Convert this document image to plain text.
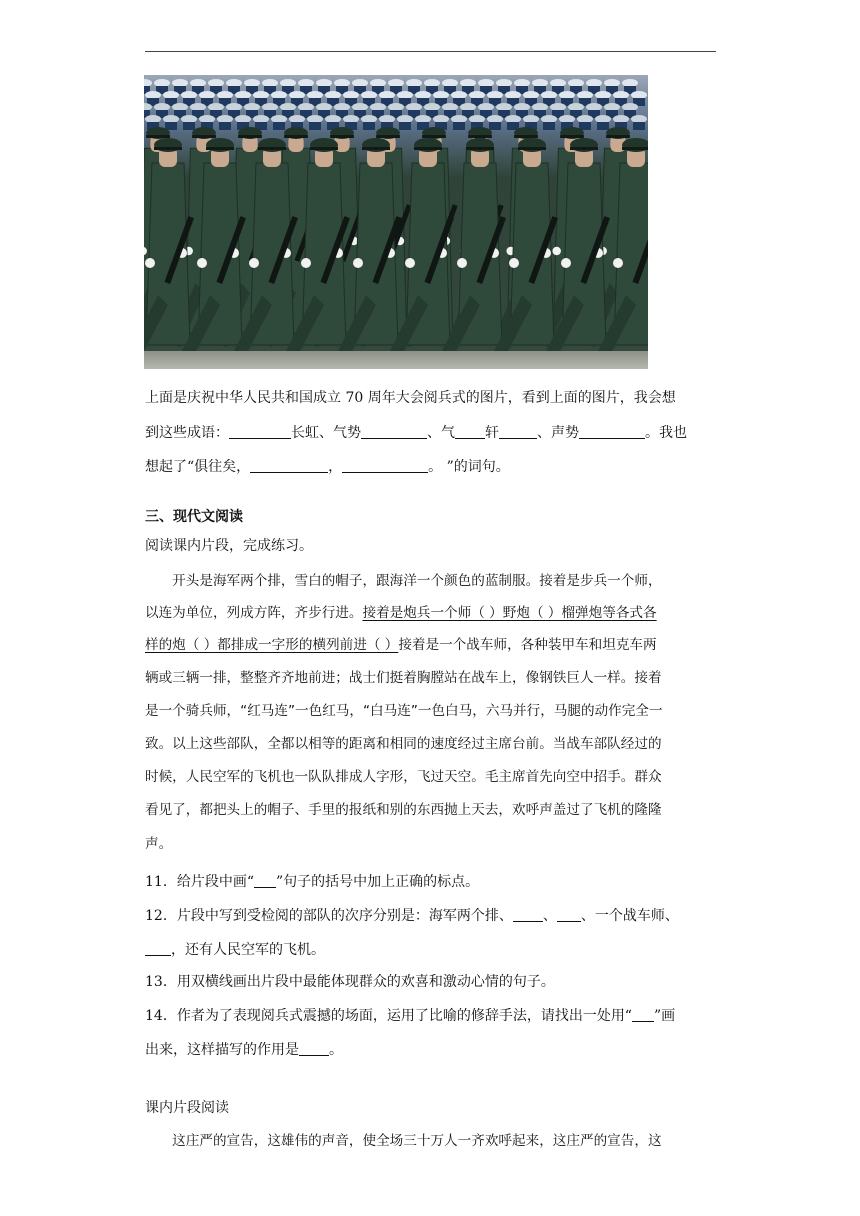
上面是庆祝中华人民共和国成立 70 周年大会阅兵式的图片，看到上面的图片，我会想
到这些成语：	长虹、气势	、气 轩	、声势	。我也
想起了“俱往矣，	，	。 ”的词句。
三、现代文阅读
阅读课内片段，完成练习。
　　开头是海军两个排，雪白的帽子，跟海洋一个颜色的蓝制服。接着是步兵一个师，
以连为单位，列成方阵，齐步行进。接着是炮兵一个师（ ）野炮（ ）榴弹炮等各式各
样的炮（ ）都排成一字形的横列前进（ ）接着是一个战车师，各种装甲车和坦克车两
辆或三辆一排，整整齐齐地前进；战士们挺着胸膛站在战车上，像钢铁巨人一样。接着
是一个骑兵师，“红马连”一色红马，“白马连”一色白马，六马并行，马腿的动作完全一
致。以上这些部队，全都以相等的距离和相同的速度经过主席台前。当战车部队经过的
时候，人民空军的飞机也一队队排成人字形，飞过天空。毛主席首先向空中招手。群众
看见了，都把头上的帽子、手里的报纸和别的东西抛上天去，欢呼声盖过了飞机的隆隆
声。
11．给片段中画“ ”句子的括号中加上正确的标点。
12．片段中写到受检阅的部队的次序分别是：海军两个排、 、 、一个战车师、
，还有人民空军的飞机。
13．用双横线画出片段中最能体现群众的欢喜和激动心情的句子。
14．作者为了表现阅兵式震撼的场面，运用了比喻的修辞手法，请找出一处用“ ”画
出来，这样描写的作用是 。
课内片段阅读
　　这庄严的宣告，这雄伟的声音，使全场三十万人一齐欢呼起来，这庄严的宣告，这
